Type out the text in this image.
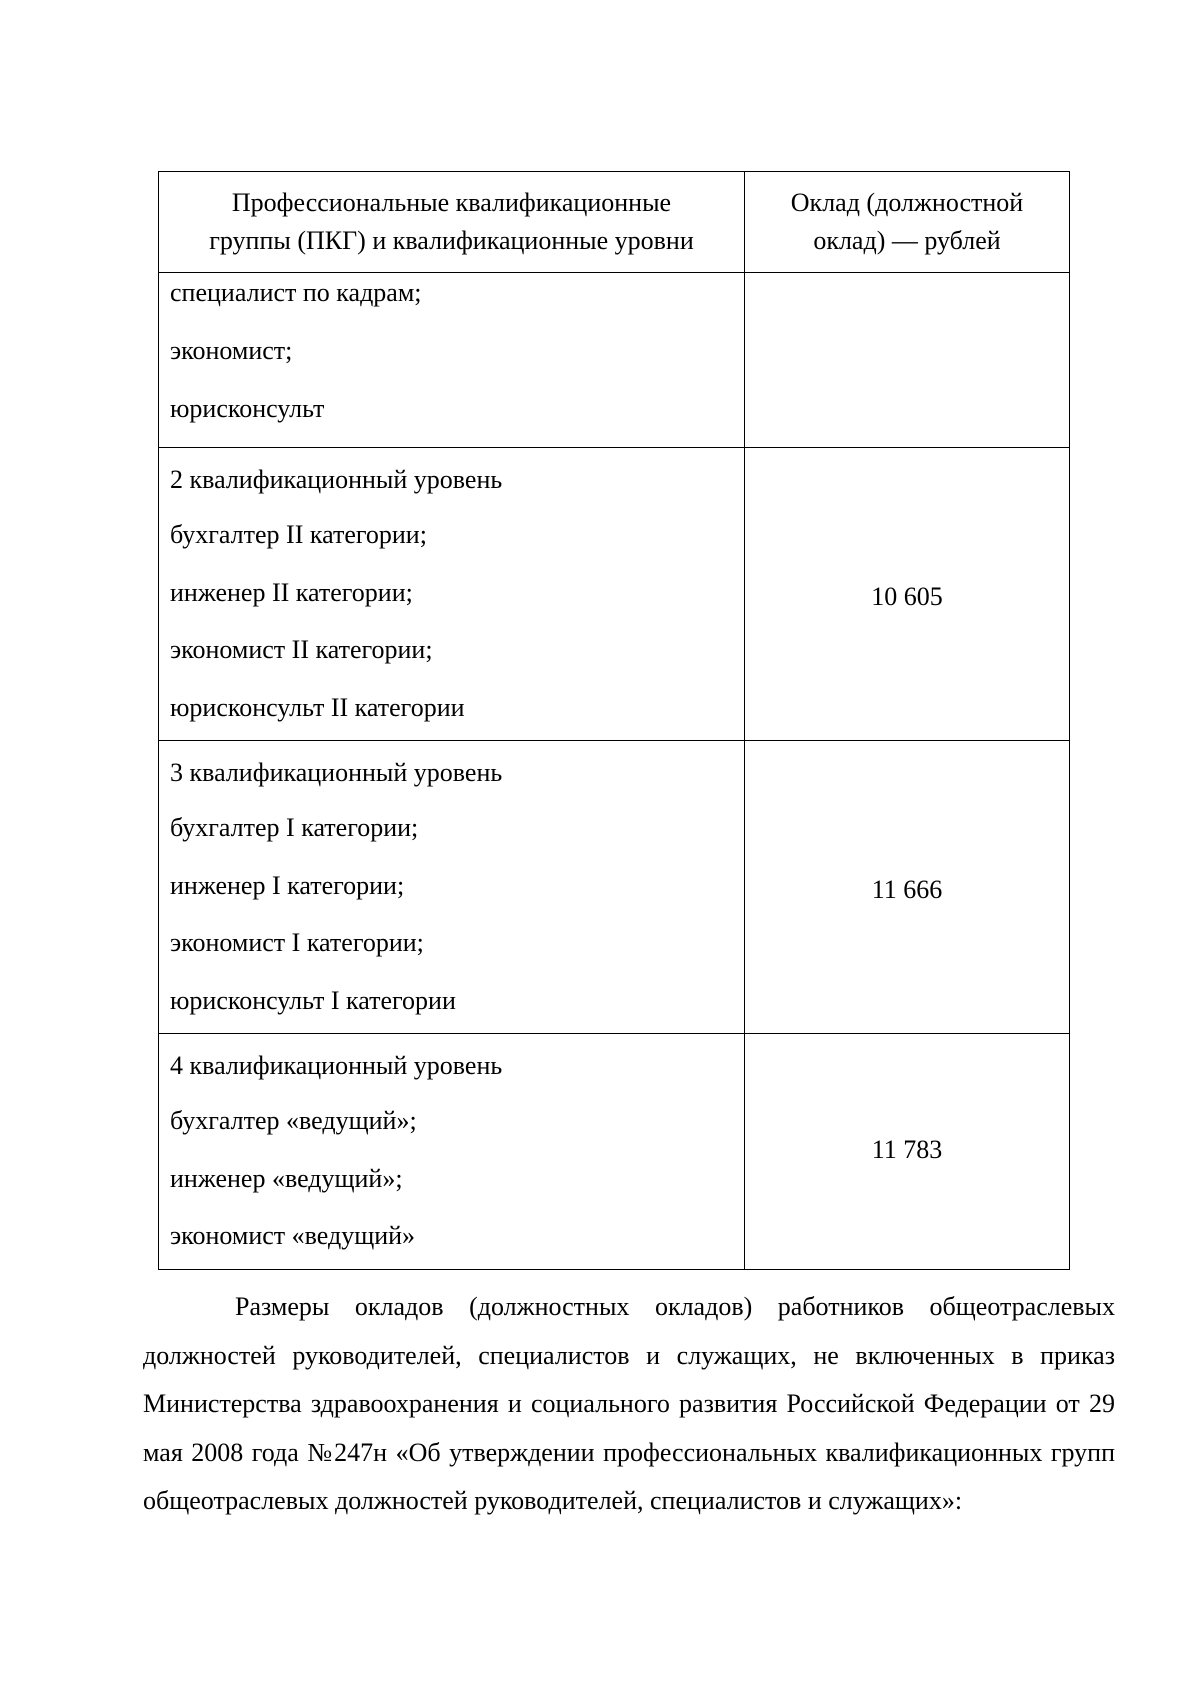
Профессиональные квалификационные
группы (ПКГ) и квалификационные уровни	Оклад (должностной
оклад) — рублей

специалист по кадрам;
экономист;
юрисконсульт	

2 квалификационный уровень
бухгалтер II категории;
инженер II категории;
экономист II категории;
юрисконсульт II категории	10 605

3 квалификационный уровень
бухгалтер I категории;
инженер I категории;
экономист I категории;
юрисконсульт I категории	11 666

4 квалификационный уровень
бухгалтер «ведущий»;
инженер «ведущий»;
экономист «ведущий»	11 783

Размеры окладов (должностных окладов) работников общеотраслевых должностей руководителей, специалистов и служащих, не включенных в приказ Министерства здравоохранения и социального развития Российской Федерации от 29 мая 2008 года №247н «Об утверждении профессиональных квалификационных групп общеотраслевых должностей руководителей, специалистов и служащих»:
